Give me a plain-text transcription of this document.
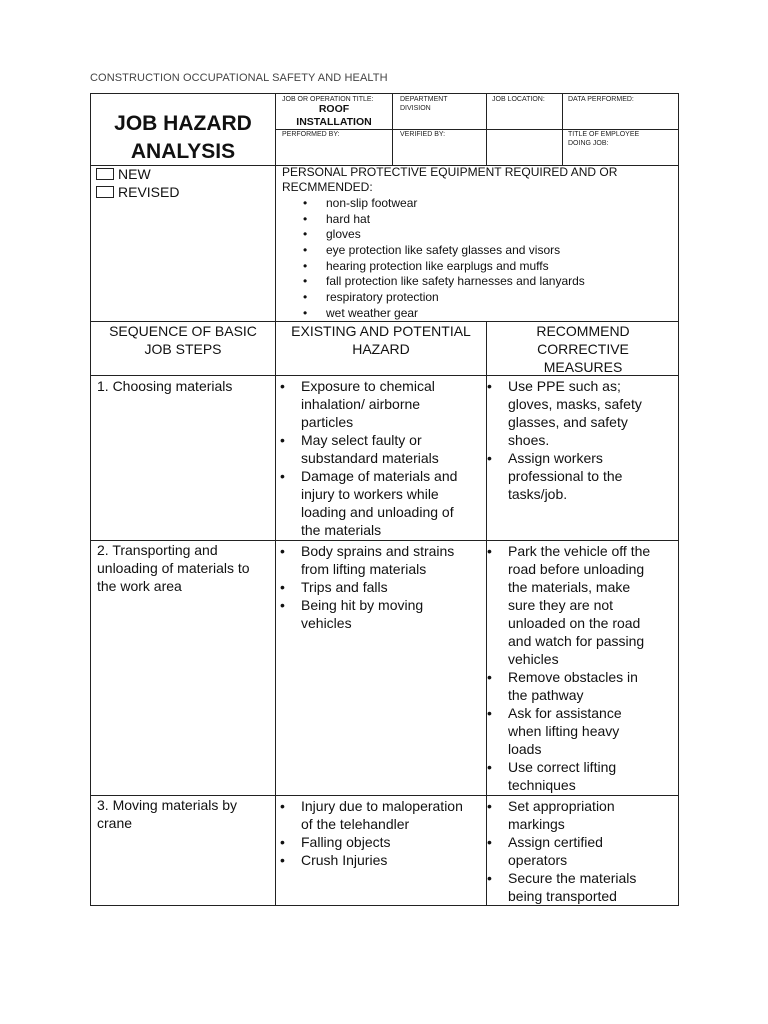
CONSTRUCTION OCCUPATIONAL SAFETY AND HEALTH
JOB HAZARD
ANALYSIS
JOB OR OPERATION TITLE:
ROOF
INSTALLATION
DEPARTMENT
DIVISION
JOB LOCATION:	DATA PERFORMED:
PERFORMED BY:	VERIFIED BY:	TITLE OF EMPLOYEE
DOING JOB:
NEW
REVISED
PERSONAL PROTECTIVE EQUIPMENT REQUIRED AND OR
RECMMENDED:
• non-slip footwear
• hard hat
• gloves
• eye protection like safety glasses and visors
• hearing protection like earplugs and muffs
• fall protection like safety harnesses and lanyards
• respiratory protection
• wet weather gear
SEQUENCE OF BASIC
JOB STEPS
EXISTING AND POTENTIAL
HAZARD
RECOMMEND
CORRECTIVE
MEASURES
1. Choosing materials
•	Exposure to chemical
inhalation/ airborne
particles
• May select faulty or
substandard materials
• Damage of materials and
injury to workers while
loading and unloading of
the materials
• Use PPE such as;
gloves, masks, safety
glasses, and safety
shoes.
• Assign workers
professional to the
tasks/job.
2. Transporting and
unloading of materials to
the work area
• Body sprains and strains
from lifting materials
• Trips and falls
• Being hit by moving
vehicles
• Park the vehicle off the
road before unloading
the materials, make
sure they are not
unloaded on the road
and watch for passing
vehicles
• Remove obstacles in
the pathway
• Ask for assistance
when lifting heavy
loads
• Use correct lifting
techniques
3. Moving materials by
crane
• Injury due to maloperation
of the telehandler
• Falling objects
• Crush Injuries
• Set appropriation
markings
• Assign certified
operators
• Secure the materials
being transported
